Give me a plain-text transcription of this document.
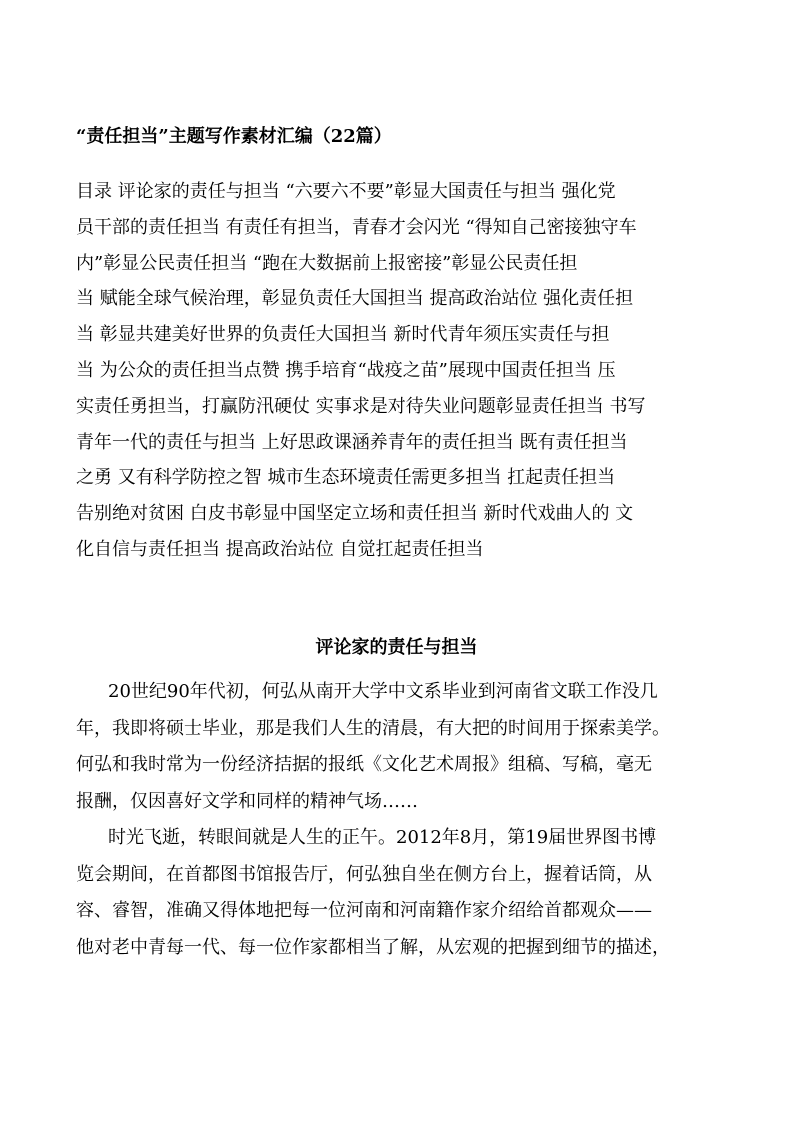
“责任担当”主题写作素材汇编（22篇）
目录 评论家的责任与担当 “六要六不要”彰显大国责任与担当 强化党
员干部的责任担当 有责任有担当，青春才会闪光 “得知自己密接独守车
内”彰显公民责任担当 “跑在大数据前上报密接”彰显公民责任担
当 赋能全球气候治理，彰显负责任大国担当 提高政治站位 强化责任担
当 彰显共建美好世界的负责任大国担当 新时代青年须压实责任与担
当 为公众的责任担当点赞 携手培育“战疫之苗”展现中国责任担当 压
实责任勇担当，打赢防汛硬仗 实事求是对待失业问题彰显责任担当 书写
青年一代的责任与担当 上好思政课涵养青年的责任担当 既有责任担当
之勇 又有科学防控之智 城市生态环境责任需更多担当 扛起责任担当
告别绝对贫困 白皮书彰显中国坚定立场和责任担当 新时代戏曲人的 文
化自信与责任担当 提高政治站位 自觉扛起责任担当
评论家的责任与担当
20世纪90年代初，何弘从南开大学中文系毕业到河南省文联工作没几
年，我即将硕士毕业，那是我们人生的清晨，有大把的时间用于探索美学。
何弘和我时常为一份经济拮据的报纸《文化艺术周报》组稿、写稿，毫无
报酬，仅因喜好文学和同样的精神气场……
时光飞逝，转眼间就是人生的正午。2012年8月，第19届世界图书博
览会期间，在首都图书馆报告厅，何弘独自坐在侧方台上，握着话筒，从
容、睿智，准确又得体地把每一位河南和河南籍作家介绍给首都观众——
他对老中青每一代、每一位作家都相当了解，从宏观的把握到细节的描述，
